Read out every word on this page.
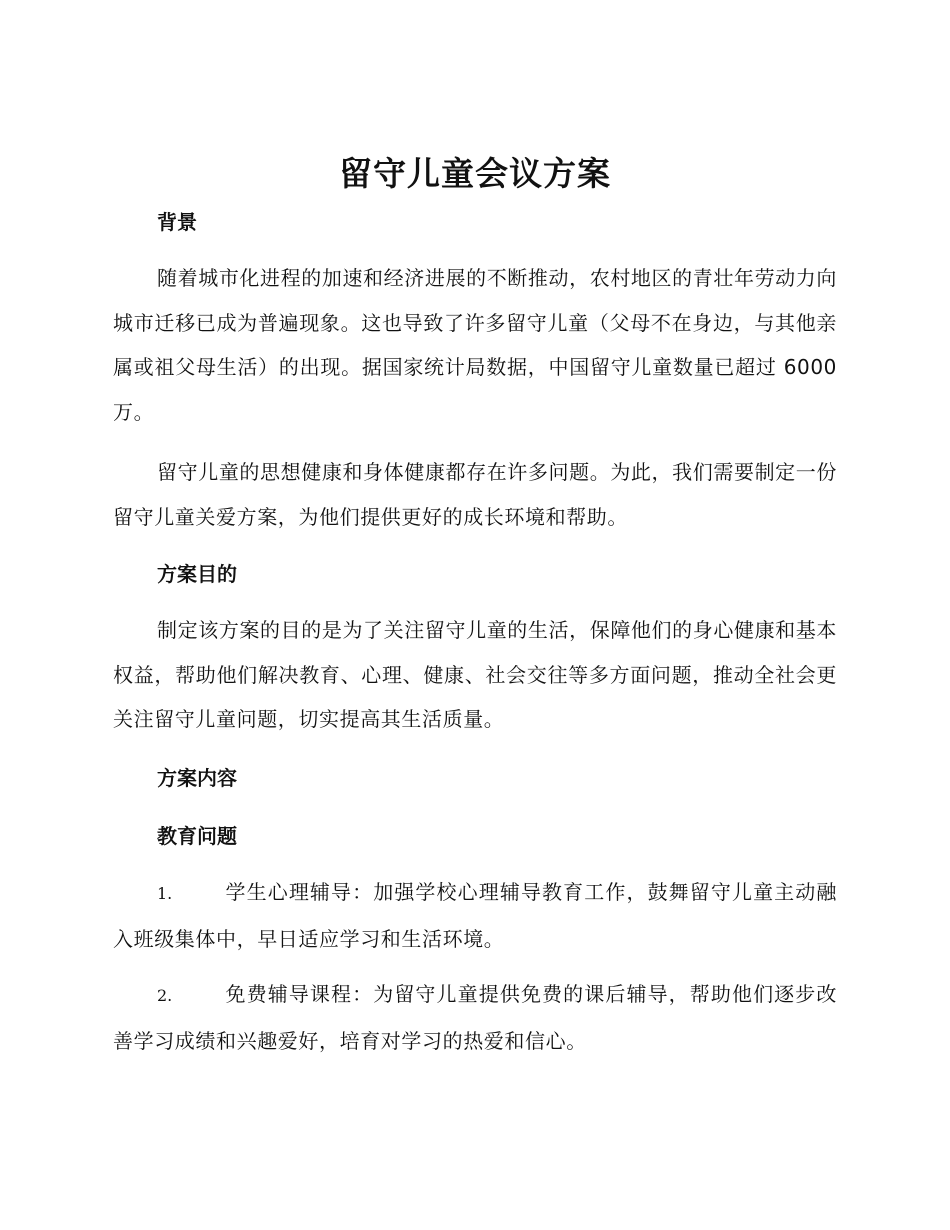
留守儿童会议方案
背景
随着城市化进程的加速和经济进展的不断推动，农村地区的青壮年劳动力向城市迁移已成为普遍现象。这也导致了许多留守儿童（父母不在身边，与其他亲属或祖父母生活）的出现。据国家统计局数据，中国留守儿童数量已超过 6000 万。
留守儿童的思想健康和身体健康都存在许多问题。为此，我们需要制定一份留守儿童关爱方案，为他们提供更好的成长环境和帮助。
方案目的
制定该方案的目的是为了关注留守儿童的生活，保障他们的身心健康和基本权益，帮助他们解决教育、心理、健康、社会交往等多方面问题，推动全社会更关注留守儿童问题，切实提高其生活质量。
方案内容
教育问题
1.	学生心理辅导：加强学校心理辅导教育工作，鼓舞留守儿童主动融入班级集体中，早日适应学习和生活环境。
2.	免费辅导课程：为留守儿童提供免费的课后辅导，帮助他们逐步改善学习成绩和兴趣爱好，培育对学习的热爱和信心。
